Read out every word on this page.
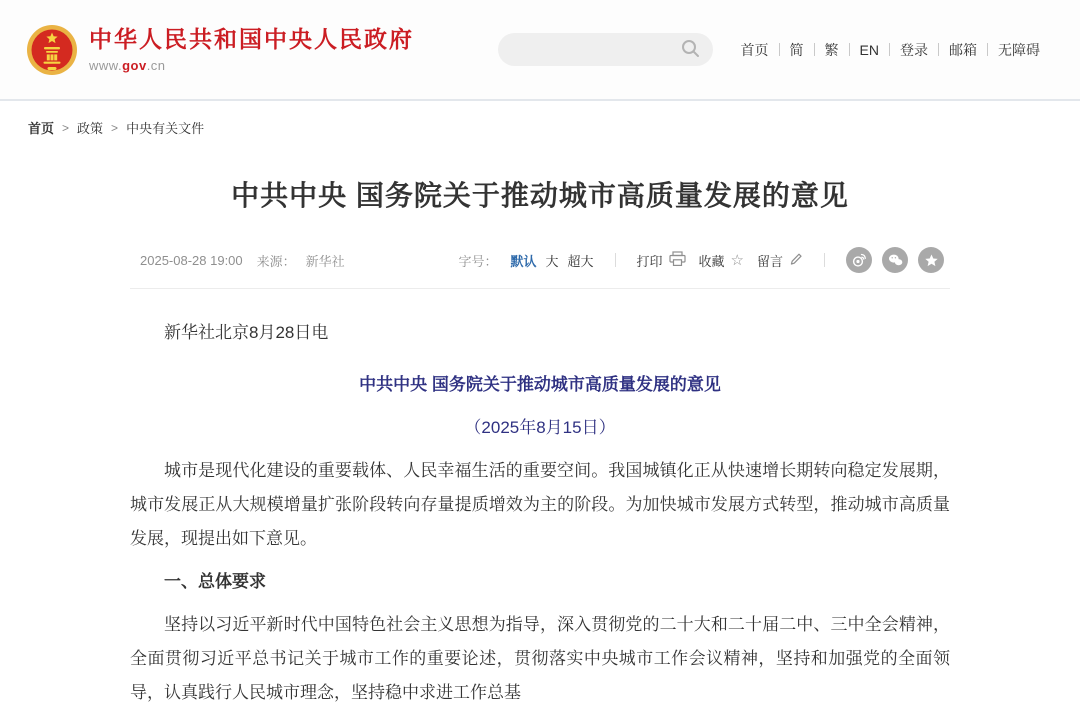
中华人民共和国中央人民政府
www.gov.cn
首页	简	繁	EN	登录	邮箱	无障碍
首页 > 政策 > 中央有关文件
中共中央 国务院关于推动城市高质量发展的意见
2025-08-28 19:00 来源： 新华社	字号： 默认 大 超大	打印	收藏 ☆ 留言

新华社北京8月28日电

中共中央 国务院关于推动城市高质量发展的意见

（2025年8月15日）

城市是现代化建设的重要载体、人民幸福生活的重要空间。我国城镇化正从快速增长期转向稳定发展期，城市发展正从大规模增量扩张阶段转向存量提质增效为主的阶段。为加快城市发展方式转型，推动城市高质量发展，现提出如下意见。

一、总体要求

坚持以习近平新时代中国特色社会主义思想为指导，深入贯彻党的二十大和二十届二中、三中全会精神，全面贯彻习近平总书记关于城市工作的重要论述，贯彻落实中央城市工作会议精神，坚持和加强党的全面领导，认真践行人民城市理念，坚持稳中求进工作总基
